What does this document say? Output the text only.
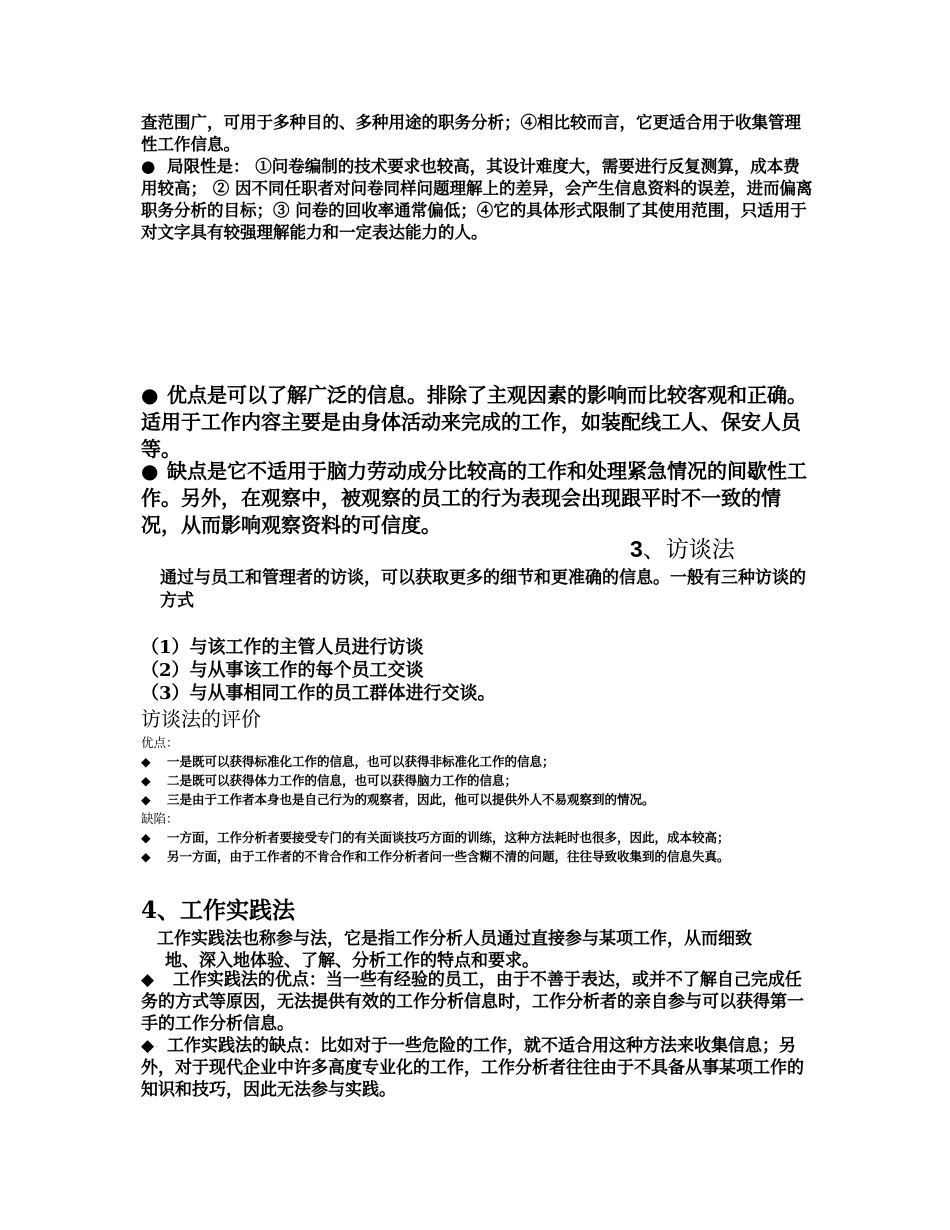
查范围广，可用于多种目的、多种用途的职务分析；④相比较而言，它更适合用于收集管理性工作信息。
● 局限性是： ①问卷编制的技术要求也较高，其设计难度大，需要进行反复测算，成本费用较高； ② 因不同任职者对问卷同样问题理解上的差异，会产生信息资料的误差，进而偏离职务分析的目标；③ 问卷的回收率通常偏低；④它的具体形式限制了其使用范围，只适用于对文字具有较强理解能力和一定表达能力的人。
● 优点是可以了解广泛的信息。排除了主观因素的影响而比较客观和正确。适用于工作内容主要是由身体活动来完成的工作，如装配线工人、保安人员等。
● 缺点是它不适用于脑力劳动成分比较高的工作和处理紧急情况的间歇性工作。另外，在观察中，被观察的员工的行为表现会出现跟平时不一致的情况，从而影响观察资料的可信度。
3、访谈法
通过与员工和管理者的访谈，可以获取更多的细节和更准确的信息。一般有三种访谈的方式
（1）与该工作的主管人员进行访谈
（2）与从事该工作的每个员工交谈
（3）与从事相同工作的员工群体进行交谈。
访谈法的评价
优点：
◆ 一是既可以获得标准化工作的信息，也可以获得非标准化工作的信息；
◆ 二是既可以获得体力工作的信息，也可以获得脑力工作的信息；
◆ 三是由于工作者本身也是自己行为的观察者，因此，他可以提供外人不易观察到的情况。
缺陷：
◆ 一方面，工作分析者要接受专门的有关面谈技巧方面的训练，这种方法耗时也很多，因此，成本较高；
◆ 另一方面，由于工作者的不肯合作和工作分析者问一些含糊不清的问题，往往导致收集到的信息失真。
4、工作实践法
工作实践法也称参与法，它是指工作分析人员通过直接参与某项工作，从而细致
地、深入地体验、了解、分析工作的特点和要求。
◆ 工作实践法的优点：当一些有经验的员工，由于不善于表达，或并不了解自己完成任务的方式等原因，无法提供有效的工作分析信息时，工作分析者的亲自参与可以获得第一手的工作分析信息。
◆ 工作实践法的缺点：比如对于一些危险的工作，就不适合用这种方法来收集信息；另外，对于现代企业中许多高度专业化的工作，工作分析者往往由于不具备从事某项工作的知识和技巧，因此无法参与实践。
